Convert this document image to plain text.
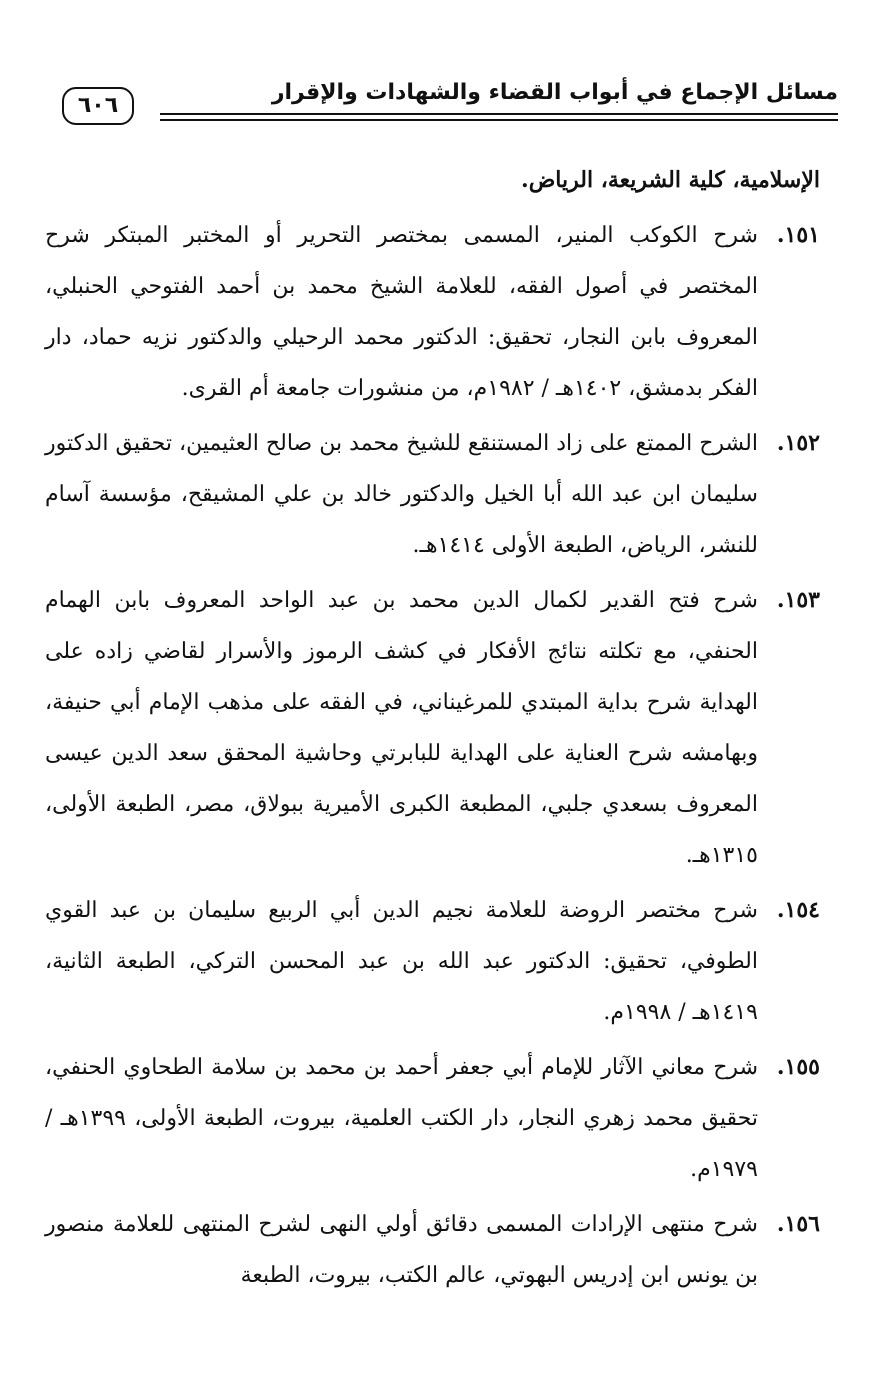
مسائل الإجماع في أبواب القضاء والشهادات والإقرار
٦٠٦

الإسلامية، كلية الشريعة، الرياض.

١٥١.

شرح الكوكب المنير، المسمى بمختصر التحرير أو المختبر المبتكر شرح المختصر في أصول الفقه، للعلامة الشيخ محمد بن أحمد الفتوحي الحنبلي، المعروف بابن النجار، تحقيق: الدكتور محمد الرحيلي والدكتور نزيه حماد، دار الفكر بدمشق، ١٤٠٢هـ / ١٩٨٢م، من منشورات جامعة أم القرى.

١٥٢.

الشرح الممتع على زاد المستنقع للشيخ محمد بن صالح العثيمين، تحقيق الدكتور سليمان ابن عبد الله أبا الخيل والدكتور خالد بن علي المشيقح، مؤسسة آسام للنشر، الرياض، الطبعة الأولى ١٤١٤هـ.

١٥٣.

شرح فتح القدير لكمال الدين محمد بن عبد الواحد المعروف بابن الهمام الحنفي، مع تكلته نتائج الأفكار في كشف الرموز والأسرار لقاضي زاده على الهداية شرح بداية المبتدي للمرغيناني، في الفقه على مذهب الإمام أبي حنيفة، وبهامشه شرح العناية على الهداية للبابرتي وحاشية المحقق سعد الدين عيسى المعروف بسعدي جلبي، المطبعة الكبرى الأميرية ببولاق، مصر، الطبعة الأولى، ١٣١٥هـ.

١٥٤.

شرح مختصر الروضة للعلامة نجيم الدين أبي الربيع سليمان بن عبد القوي الطوفي، تحقيق: الدكتور عبد الله بن عبد المحسن التركي، الطبعة الثانية، ١٤١٩هـ / ١٩٩٨م.

١٥٥.

شرح معاني الآثار للإمام أبي جعفر أحمد بن محمد بن سلامة الطحاوي الحنفي، تحقيق محمد زهري النجار، دار الكتب العلمية، بيروت، الطبعة الأولى، ١٣٩٩هـ / ١٩٧٩م.

١٥٦.

شرح منتهى الإرادات المسمى دقائق أولي النهى لشرح المنتهى للعلامة منصور بن يونس ابن إدريس البهوتي، عالم الكتب، بيروت، الطبعة
